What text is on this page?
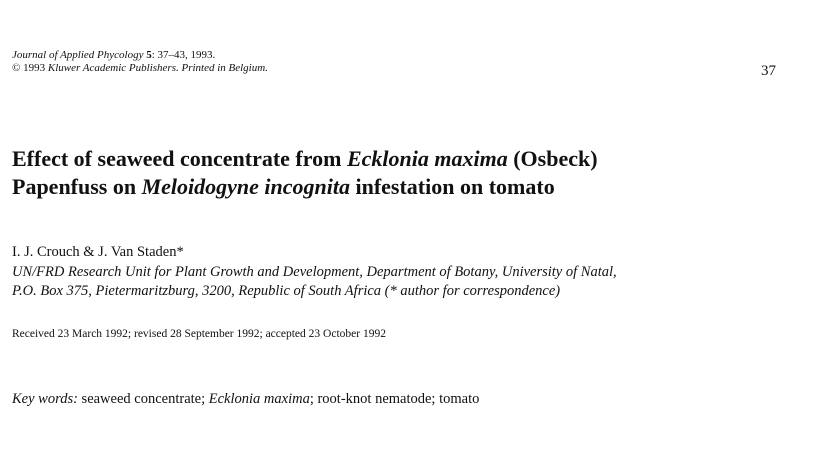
Journal of Applied Phycology 5: 37–43, 1993.
© 1993 Kluwer Academic Publishers. Printed in Belgium.	37
Effect of seaweed concentrate from Ecklonia maxima (Osbeck)
Papenfuss on Meloidogyne incognita infestation on tomato
I. J. Crouch & J. Van Staden*
UN/FRD Research Unit for Plant Growth and Development, Department of Botany, University of Natal,
P.O. Box 375, Pietermaritzburg, 3200, Republic of South Africa (* author for correspondence)
Received 23 March 1992; revised 28 September 1992; accepted 23 October 1992
Key words: seaweed concentrate; Ecklonia maxima; root-knot nematode; tomato
